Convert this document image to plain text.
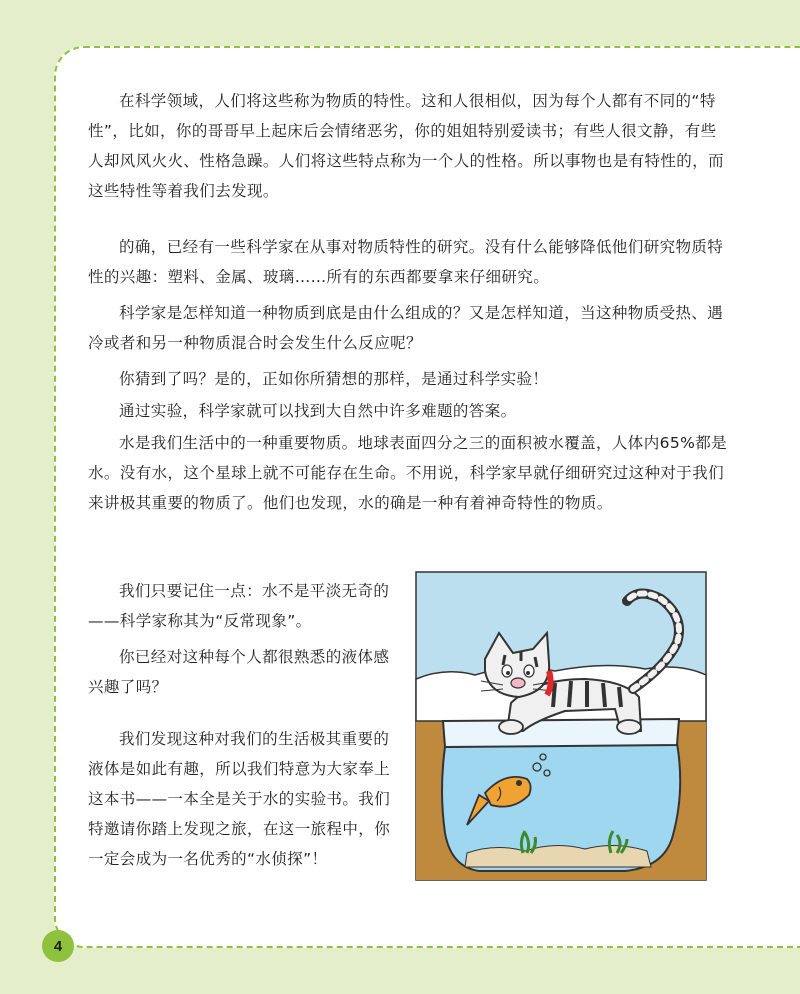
在科学领域，人们将这些称为物质的特性。这和人很相似，因为每个人都有不同的“特性”，比如，你的哥哥早上起床后会情绪恶劣，你的姐姐特别爱读书；有些人很文静，有些人却风风火火、性格急躁。人们将这些特点称为一个人的性格。所以事物也是有特性的，而这些特性等着我们去发现。

的确，已经有一些科学家在从事对物质特性的研究。没有什么能够降低他们研究物质特性的兴趣：塑料、金属、玻璃……所有的东西都要拿来仔细研究。

科学家是怎样知道一种物质到底是由什么组成的？又是怎样知道，当这种物质受热、遇冷或者和另一种物质混合时会发生什么反应呢？

你猜到了吗？是的，正如你所猜想的那样，是通过科学实验！

通过实验，科学家就可以找到大自然中许多难题的答案。

水是我们生活中的一种重要物质。地球表面四分之三的面积被水覆盖，人体内65%都是水。没有水，这个星球上就不可能存在生命。不用说，科学家早就仔细研究过这种对于我们来讲极其重要的物质了。他们也发现，水的确是一种有着神奇特性的物质。

我们只要记住一点：水不是平淡无奇的——科学家称其为“反常现象”。

你已经对这种每个人都很熟悉的液体感兴趣了吗？

我们发现这种对我们的生活极其重要的液体是如此有趣，所以我们特意为大家奉上这本书——一本全是关于水的实验书。我们特邀请你踏上发现之旅，在这一旅程中，你一定会成为一名优秀的“水侦探”！

4
